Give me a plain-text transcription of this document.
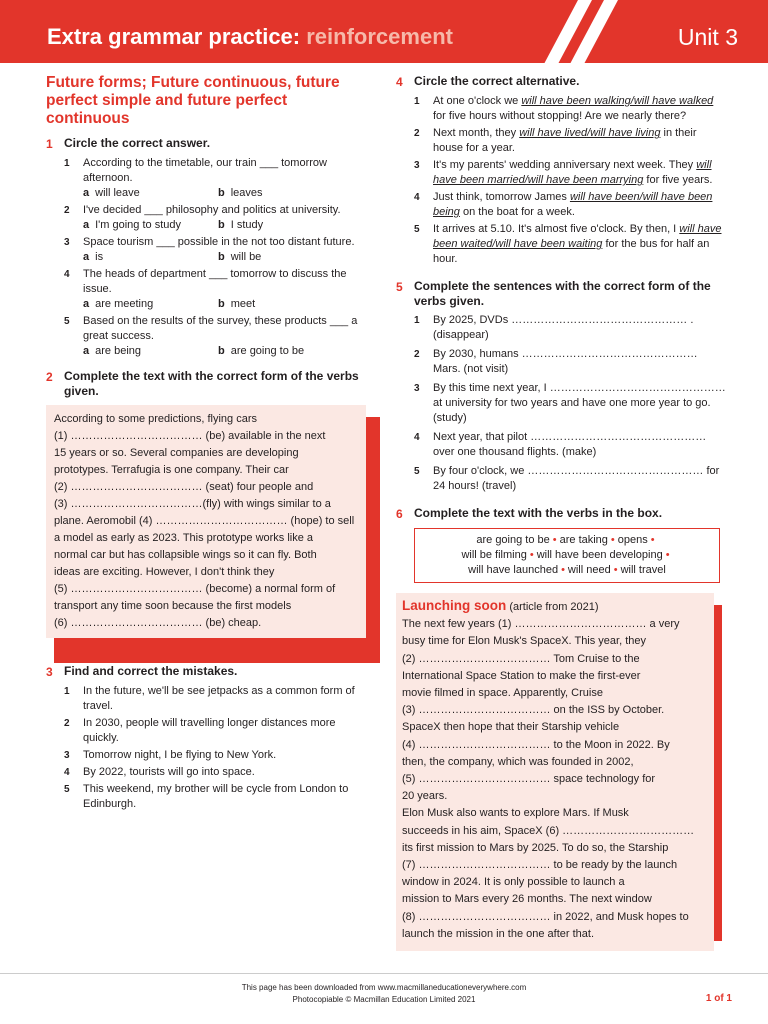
Extra grammar practice: reinforcement	Unit 3
Future forms; Future continuous, future perfect simple and future perfect continuous
1 Circle the correct answer.
1	According to the timetable, our train ___ tomorrow afternoon.
a will leave	b leaves
2	I've decided ___ philosophy and politics at university.
a I'm going to study	b I study
3	Space tourism ___ possible in the not too distant future.
a is	b will be
4	The heads of department ___ tomorrow to discuss the issue.
a are meeting	b meet
5	Based on the results of the survey, these products ___ a great success.
a are being	b are going to be
2 Complete the text with the correct form of the verbs given.
According to some predictions, flying cars
(1) ……………………………… (be) available in the next
15 years or so. Several companies are developing
prototypes. Terrafugia is one company. Their car
(2) ……………………………… (seat) four people and
(3) ………………………………(fly) with wings similar to a
plane. Aeromobil (4) ……………………………… (hope) to sell
a model as early as 2023. This prototype works like a
normal car but has collapsible wings so it can fly. Both
ideas are exciting. However, I don't think they
(5) ……………………………… (become) a normal form of
transport any time soon because the first models
(6) ……………………………… (be) cheap.
3 Find and correct the mistakes.
1	In the future, we'll be see jetpacks as a common form of travel.
2	In 2030, people will travelling longer distances more quickly.
3	Tomorrow night, I be flying to New York.
4	By 2022, tourists will go into space.
5	This weekend, my brother will be cycle from London to Edinburgh.
4 Circle the correct alternative.
1	At one o'clock we will have been walking/will have walked for five hours without stopping! Are we nearly there?
2	Next month, they will have lived/will have living in their house for a year.
3	It's my parents' wedding anniversary next week. They will have been married/will have been marrying for five years.
4	Just think, tomorrow James will have been/will have been being on the boat for a week.
5	It arrives at 5.10. It's almost five o'clock. By then, I will have been waited/will have been waiting for the bus for half an hour.
5 Complete the sentences with the correct form of the verbs given.
1	By 2025, DVDs ………………………………………… . (disappear)
2	By 2030, humans ………………………………………… Mars. (not visit)
3	By this time next year, I ………………………………………… at university for two years and have one more year to go. (study)
4	Next year, that pilot ………………………………………… over one thousand flights. (make)
5	By four o'clock, we ………………………………………… for 24 hours! (travel)
6 Complete the text with the verbs in the box.
are going to be • are taking • opens •
will be filming • will have been developing •
will have launched • will need • will travel
Launching soon (article from 2021)
The next few years (1) ……………………………… a very
busy time for Elon Musk's SpaceX. This year, they
(2) ……………………………… Tom Cruise to the
International Space Station to make the first-ever
movie filmed in space. Apparently, Cruise
(3) ……………………………… on the ISS by October.
SpaceX then hope that their Starship vehicle
(4) ……………………………… to the Moon in 2022. By
then, the company, which was founded in 2002,
(5) ……………………………… space technology for
20 years.
Elon Musk also wants to explore Mars. If Musk
succeeds in his aim, SpaceX (6) ………………………………
its first mission to Mars by 2025. To do so, the Starship
(7) ……………………………… to be ready by the launch
window in 2024. It is only possible to launch a
mission to Mars every 26 months. The next window
(8) ……………………………… in 2022, and Musk hopes to
launch the mission in the one after that.
This page has been downloaded from www.macmillaneducationeverywhere.com
Photocopiable © Macmillan Education Limited 2021	1 of 1
